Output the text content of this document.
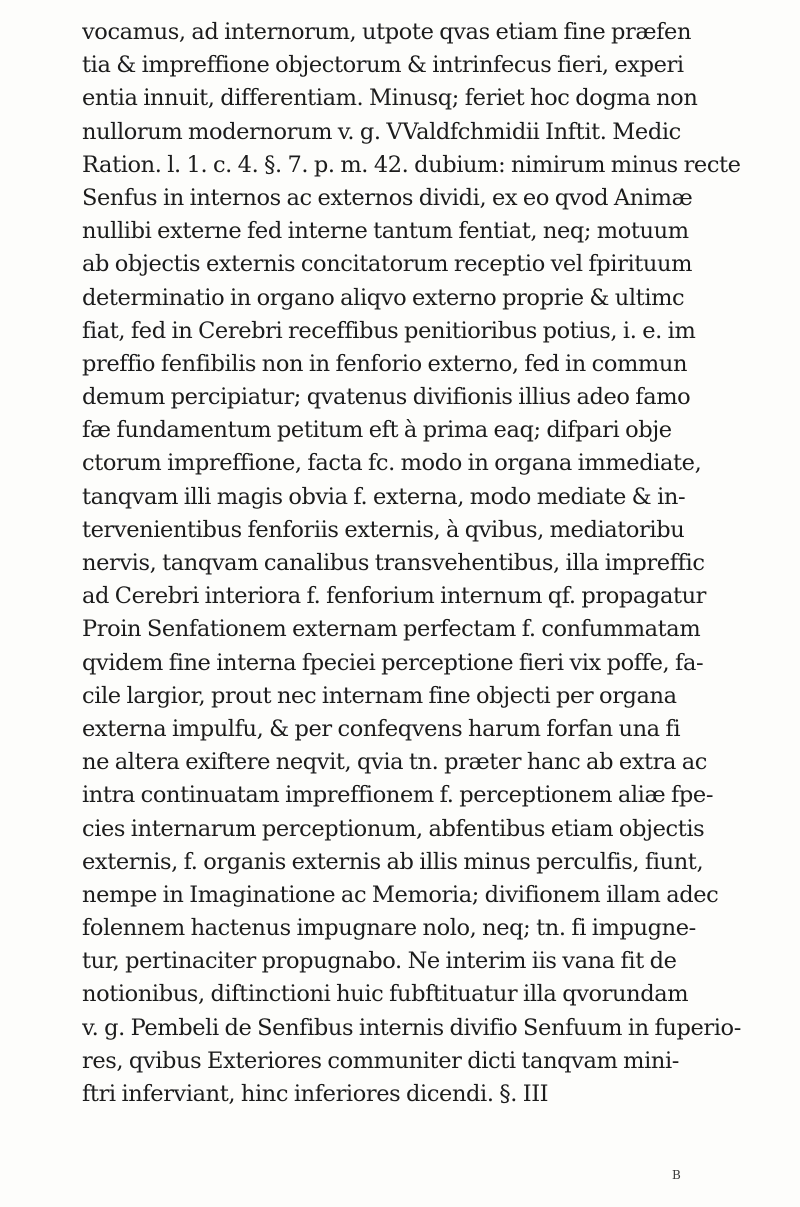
vocamus, ad internorum, utpote qvas etiam fine præfen
tia & impreffione objectorum & intrinfecus fieri, experi
entia innuit, differentiam. Minusq; feriet hoc dogma non
nullorum modernorum v. g. VValdfchmidii Inftit. Medic
Ration. l. 1. c. 4. §. 7. p. m. 42. dubium: nimirum minus recte
Senfus in internos ac externos dividi, ex eo qvod Animæ
nullibi externe fed interne tantum fentiat, neq; motuum
ab objectis externis concitatorum receptio vel fpirituum
determinatio in organo aliqvo externo proprie & ultimc
fiat, fed in Cerebri receffibus penitioribus potius, i. e. im
preffio fenfibilis non in fenforio externo, fed in commun
demum percipiatur; qvatenus divifionis illius adeo famo
fæ fundamentum petitum eft à prima eaq; difpari obje
ctorum impreffione, facta fc. modo in organa immediate,
tanqvam illi magis obvia f. externa, modo mediate & in-
tervenientibus fenforiis externis, à qvibus, mediatoribu
nervis, tanqvam canalibus transvehentibus, illa impreffic
ad Cerebri interiora f. fenforium internum qf. propagatur
Proin Senfationem externam perfectam f. confummatam
qvidem fine interna fpeciei perceptione fieri vix poffe, fa-
cile largior, prout nec internam fine objecti per organa
externa impulfu, & per confeqvens harum forfan una fi
ne altera exiftere neqvit, qvia tn. præter hanc ab extra ac
intra continuatam impreffionem f. perceptionem aliæ fpe-
cies internarum perceptionum, abfentibus etiam objectis
externis, f. organis externis ab illis minus perculfis, fiunt,
nempe in Imaginatione ac Memoria; divifionem illam adec
folennem hactenus impugnare nolo, neq; tn. fi impugne-
tur, pertinaciter propugnabo. Ne interim iis vana fit de
notionibus, diftinctioni huic fubftituatur illa qvorundam
v. g. Pembeli de Senfibus internis divifio Senfuum in fuperio-
res, qvibus Exteriores communiter dicti tanqvam mini-
ftri inferviant, hinc inferiores dicendi. §. III
B
